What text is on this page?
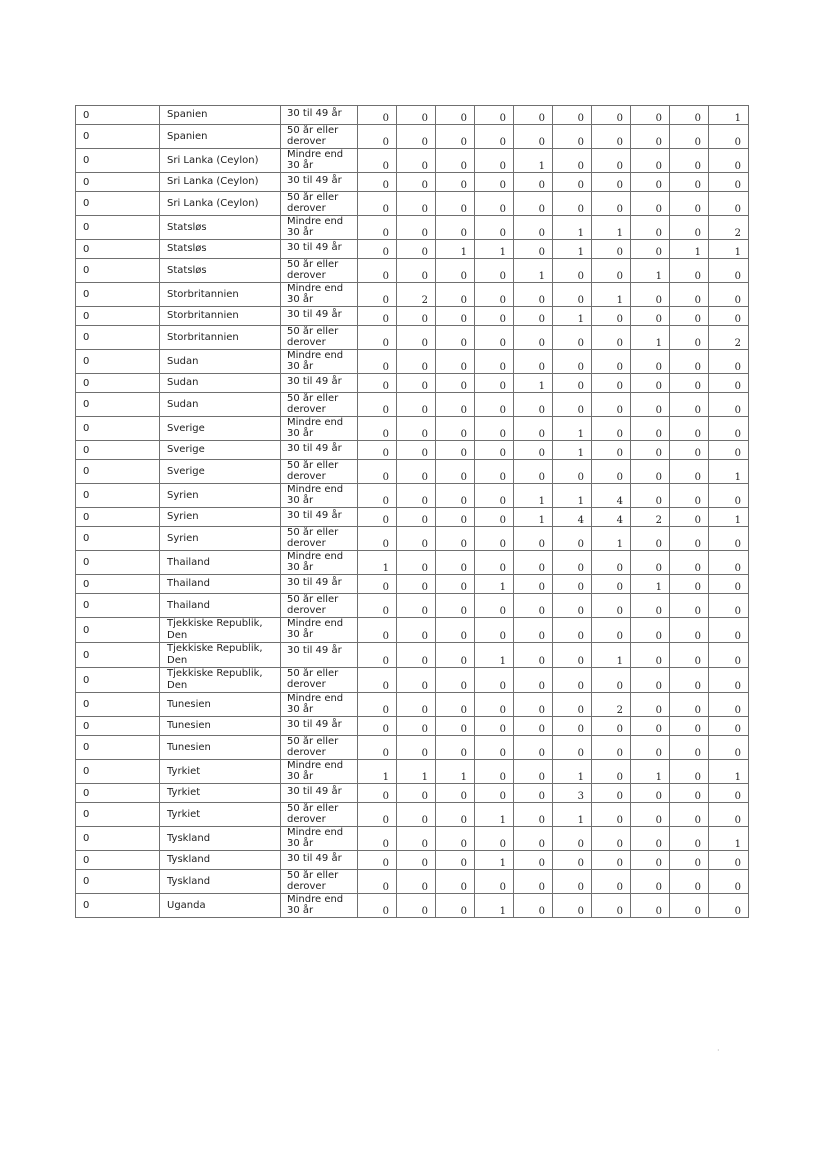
0	Spanien	30 til 49 år	0	0	0	0	0	0	0	0	0	1
0	Spanien	50 år eller derover	0	0	0	0	0	0	0	0	0	0
0	Sri Lanka (Ceylon)	Mindre end 30 år	0	0	0	0	1	0	0	0	0	0
0	Sri Lanka (Ceylon)	30 til 49 år	0	0	0	0	0	0	0	0	0	0
0	Sri Lanka (Ceylon)	50 år eller derover	0	0	0	0	0	0	0	0	0	0
0	Statsløs	Mindre end 30 år	0	0	0	0	0	1	1	0	0	2
0	Statsløs	30 til 49 år	0	0	1	1	0	1	0	0	1	1
0	Statsløs	50 år eller derover	0	0	0	0	1	0	0	1	0	0
0	Storbritannien	Mindre end 30 år	0	2	0	0	0	0	1	0	0	0
0	Storbritannien	30 til 49 år	0	0	0	0	0	1	0	0	0	0
0	Storbritannien	50 år eller derover	0	0	0	0	0	0	0	1	0	2
0	Sudan	Mindre end 30 år	0	0	0	0	0	0	0	0	0	0
0	Sudan	30 til 49 år	0	0	0	0	1	0	0	0	0	0
0	Sudan	50 år eller derover	0	0	0	0	0	0	0	0	0	0
0	Sverige	Mindre end 30 år	0	0	0	0	0	1	0	0	0	0
0	Sverige	30 til 49 år	0	0	0	0	0	1	0	0	0	0
0	Sverige	50 år eller derover	0	0	0	0	0	0	0	0	0	1
0	Syrien	Mindre end 30 år	0	0	0	0	1	1	4	0	0	0
0	Syrien	30 til 49 år	0	0	0	0	1	4	4	2	0	1
0	Syrien	50 år eller derover	0	0	0	0	0	0	1	0	0	0
0	Thailand	Mindre end 30 år	1	0	0	0	0	0	0	0	0	0
0	Thailand	30 til 49 år	0	0	0	1	0	0	0	1	0	0
0	Thailand	50 år eller derover	0	0	0	0	0	0	0	0	0	0
0	Tjekkiske Republik, Den	Mindre end 30 år	0	0	0	0	0	0	0	0	0	0
0	Tjekkiske Republik, Den	30 til 49 år	0	0	0	1	0	0	1	0	0	0
0	Tjekkiske Republik, Den	50 år eller derover	0	0	0	0	0	0	0	0	0	0
0	Tunesien	Mindre end 30 år	0	0	0	0	0	0	2	0	0	0
0	Tunesien	30 til 49 år	0	0	0	0	0	0	0	0	0	0
0	Tunesien	50 år eller derover	0	0	0	0	0	0	0	0	0	0
0	Tyrkiet	Mindre end 30 år	1	1	1	0	0	1	0	1	0	1
0	Tyrkiet	30 til 49 år	0	0	0	0	0	3	0	0	0	0
0	Tyrkiet	50 år eller derover	0	0	0	1	0	1	0	0	0	0
0	Tyskland	Mindre end 30 år	0	0	0	0	0	0	0	0	0	1
0	Tyskland	30 til 49 år	0	0	0	1	0	0	0	0	0	0
0	Tyskland	50 år eller derover	0	0	0	0	0	0	0	0	0	0
0	Uganda	Mindre end 30 år	0	0	0	1	0	0	0	0	0	0
·
